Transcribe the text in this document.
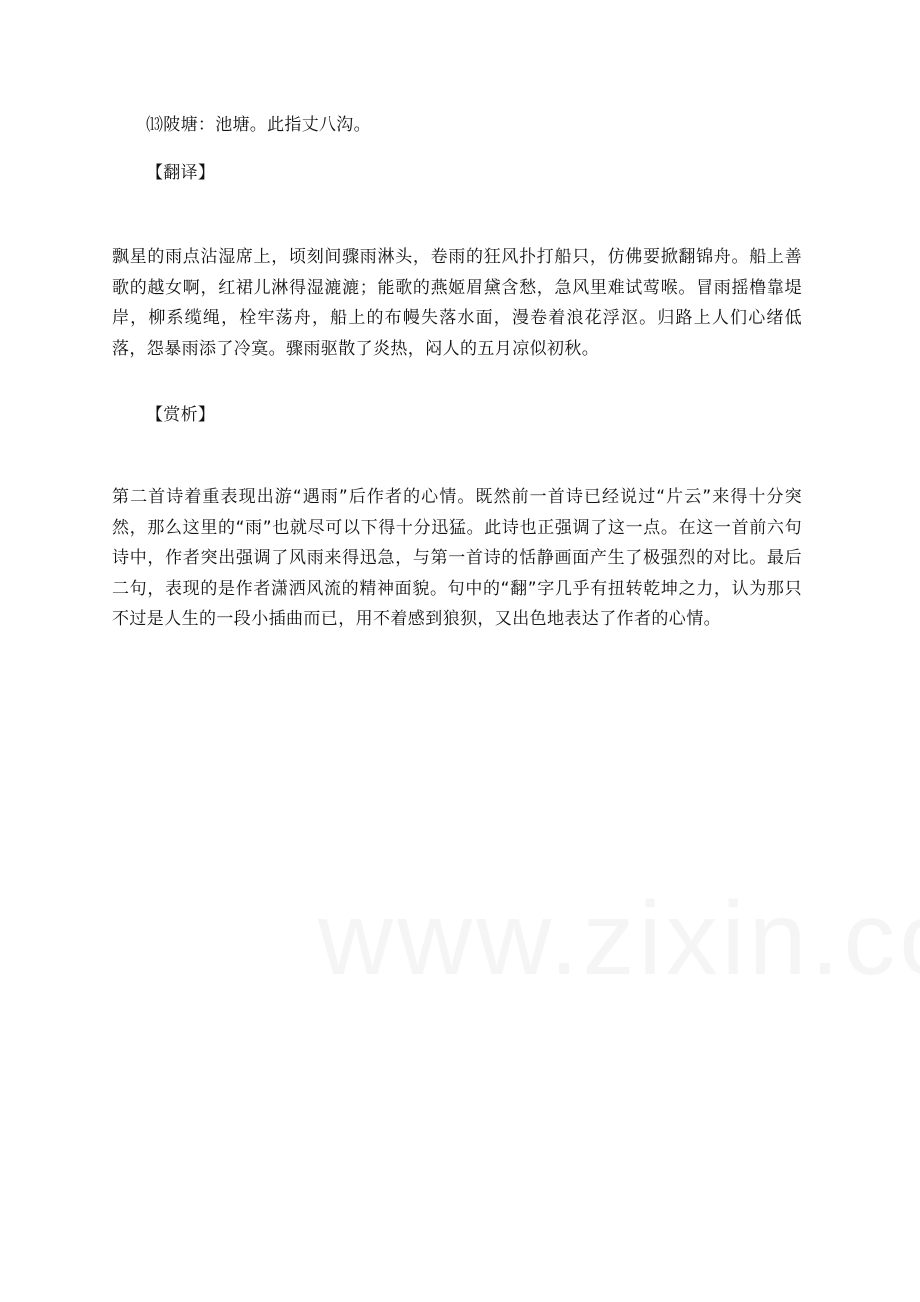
⒀陂塘：池塘。此指丈八沟。
【翻译】
飘星的雨点沾湿席上，顷刻间骤雨淋头，卷雨的狂风扑打船只，仿佛要掀翻锦舟。船上善歌的越女啊，红裙儿淋得湿漉漉；能歌的燕姬眉黛含愁，急风里难试莺喉。冒雨摇橹靠堤岸，柳系缆绳，栓牢荡舟，船上的布幔失落水面，漫卷着浪花浮沤。归路上人们心绪低落，怨暴雨添了冷寞。骤雨驱散了炎热，闷人的五月凉似初秋。
【赏析】
第二首诗着重表现出游“遇雨”后作者的心情。既然前一首诗已经说过“片云”来得十分突然，那么这里的“雨”也就尽可以下得十分迅猛。此诗也正强调了这一点。在这一首前六句诗中，作者突出强调了风雨来得迅急，与第一首诗的恬静画面产生了极强烈的对比。最后二句，表现的是作者潇洒风流的精神面貌。句中的“翻”字几乎有扭转乾坤之力，认为那只不过是人生的一段小插曲而已，用不着感到狼狈，又出色地表达了作者的心情。
